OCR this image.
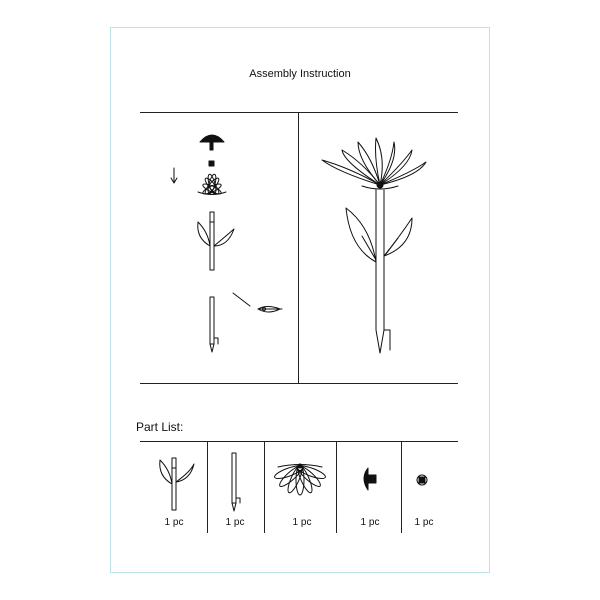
Assembly Instruction
Part List:
1 pc	1 pc	1 pc	1 pc	1 pc
